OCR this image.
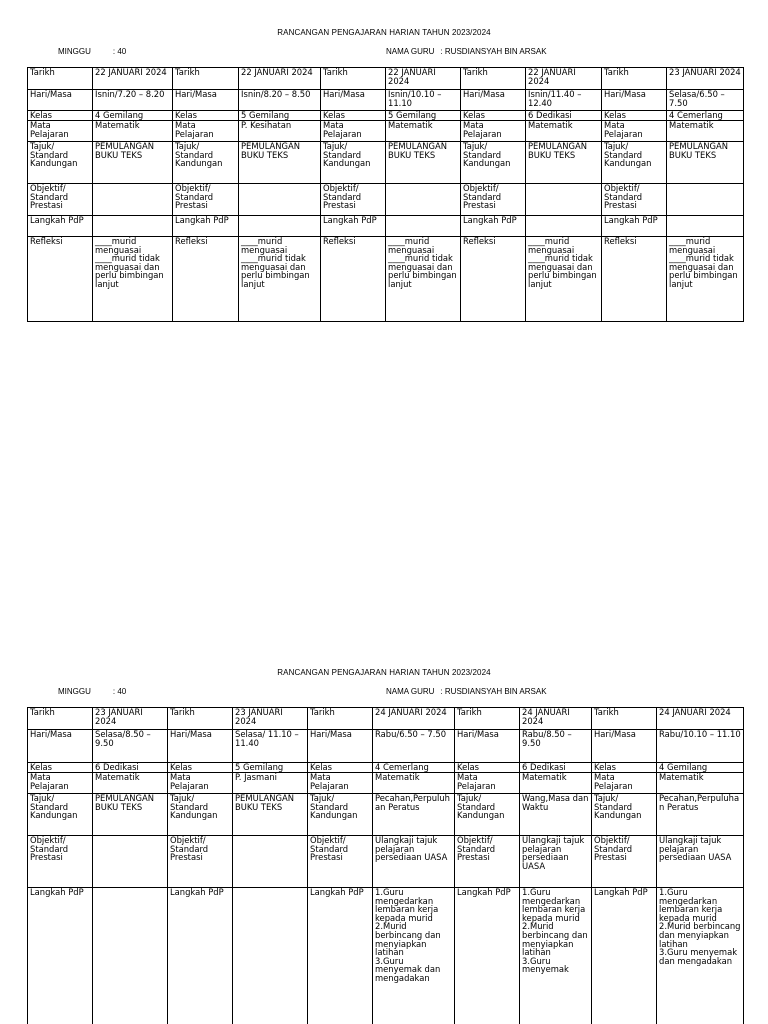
RANCANGAN PENGAJARAN HARIAN TAHUN 2023/2024
MINGGU	: 40	NAMA GURU : RUSDIANSYAH BIN ARSAK
Tarikh	22 JANUARI 2024	Tarikh	22 JANUARI 2024	Tarikh	22 JANUARI 2024	Tarikh	22 JANUARI 2024	Tarikh	23 JANUARI 2024
Hari/Masa	Isnin/7.20 – 8.20	Hari/Masa	Isnin/8.20 – 8.50	Hari/Masa	Isnin/10.10 – 11.10	Hari/Masa	Isnin/11.40 – 12.40	Hari/Masa	Selasa/6.50 – 7.50
Kelas	4 Gemilang	Kelas	5 Gemilang	Kelas	5 Gemilang	Kelas	6 Dedikasi	Kelas	4 Cemerlang
Mata Pelajaran	Matematik	Mata Pelajaran	P. Kesihatan	Mata Pelajaran	Matematik	Mata Pelajaran	Matematik	Mata Pelajaran	Matematik
Tajuk/ Standard Kandungan	PEMULANGAN BUKU TEKS	Tajuk/ Standard Kandungan	PEMULANGAN BUKU TEKS	Tajuk/ Standard Kandungan	PEMULANGAN BUKU TEKS	Tajuk/ Standard Kandungan	PEMULANGAN BUKU TEKS	Tajuk/ Standard Kandungan	PEMULANGAN BUKU TEKS
Objektif/ Standard Prestasi		Objektif/ Standard Prestasi		Objektif/ Standard Prestasi		Objektif/ Standard Prestasi		Objektif/ Standard Prestasi	
Langkah PdP		Langkah PdP		Langkah PdP		Langkah PdP		Langkah PdP	
Refleksi	____murid menguasai ____murid tidak menguasai dan perlu bimbingan lanjut	Refleksi	____murid menguasai ____murid tidak menguasai dan perlu bimbingan lanjut	Refleksi	____murid menguasai ____murid tidak menguasai dan perlu bimbingan lanjut	Refleksi	____murid menguasai ____murid tidak menguasai dan perlu bimbingan lanjut	Refleksi	____murid menguasai ____murid tidak menguasai dan perlu bimbingan lanjut
RANCANGAN PENGAJARAN HARIAN TAHUN 2023/2024
MINGGU	: 40	NAMA GURU : RUSDIANSYAH BIN ARSAK
Tarikh	23 JANUARI 2024	Tarikh	23 JANUARI 2024	Tarikh	24 JANUARI 2024	Tarikh	24 JANUARI 2024	Tarikh	24 JANUARI 2024
Hari/Masa	Selasa/8.50 – 9.50	Hari/Masa	Selasa/ 11.10 – 11.40	Hari/Masa	Rabu/6.50 – 7.50	Hari/Masa	Rabu/8.50 – 9.50	Hari/Masa	Rabu/10.10 – 11.10
Kelas	6 Dedikasi	Kelas	5 Gemilang	Kelas	4 Cemerlang	Kelas	6 Dedikasi	Kelas	4 Gemilang
Mata Pelajaran	Matematik	Mata Pelajaran	P. Jasmani	Mata Pelajaran	Matematik	Mata Pelajaran	Matematik	Mata Pelajaran	Matematik
Tajuk/ Standard Kandungan	PEMULANGAN BUKU TEKS	Tajuk/ Standard Kandungan	PEMULANGAN BUKU TEKS	Tajuk/ Standard Kandungan	Pecahan,Perpuluhan Peratus	Tajuk/ Standard Kandungan	Wang,Masa dan Waktu	Tajuk/ Standard Kandungan	Pecahan,Perpuluhan Peratus
Objektif/ Standard Prestasi		Objektif/ Standard Prestasi		Objektif/ Standard Prestasi	Ulangkaji tajuk pelajaran persediaan UASA	Objektif/ Standard Prestasi	Ulangkaji tajuk pelajaran persediaan UASA	Objektif/ Standard Prestasi	Ulangkaji tajuk pelajaran persediaan UASA
Langkah PdP		Langkah PdP		Langkah PdP	1.Guru mengedarkan lembaran kerja kepada murid
2.Murid berbincang dan menyiapkan latihan
3.Guru menyemak dan mengadakan	Langkah PdP	1.Guru mengedarkan lembaran kerja kepada murid
2.Murid berbincang dan menyiapkan latihan
3.Guru menyemak	Langkah PdP	1.Guru mengedarkan lembaran kerja kepada murid
2.Murid berbincang dan menyiapkan latihan
3.Guru menyemak dan mengadakan
